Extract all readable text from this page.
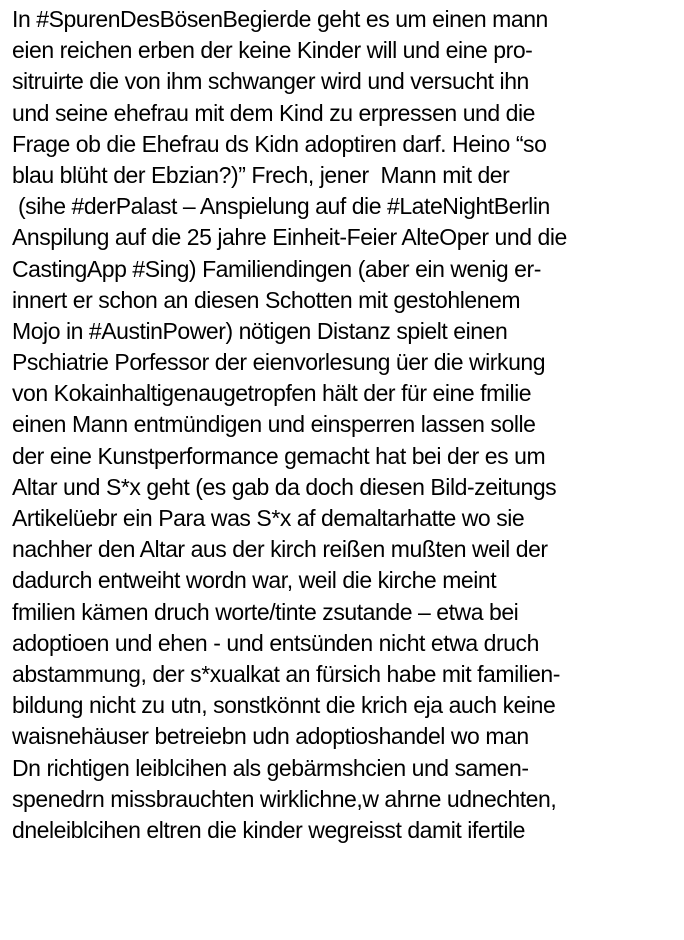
In #SpurenDesBösenBegierde geht es um einen mann
eien reichen erben der keine Kinder will und eine pro-
sitruirte die von ihm schwanger wird und versucht ihn
und seine ehefrau mit dem Kind zu erpressen und die
Frage ob die Ehefrau ds Kidn adoptiren darf. Heino “so
blau blüht der Ebzian?)” Frech, jener  Mann mit der
(sihe #derPalast – Anspielung auf die #LateNightBerlin
Anspilung auf die 25 jahre Einheit-Feier AlteOper und die
CastingApp #Sing) Familiendingen (aber ein wenig er-
innert er schon an diesen Schotten mit gestohlenem
Mojo in #AustinPower) nötigen Distanz spielt einen
Pschiatrie Porfessor der eienvorlesung üer die wirkung
von Kokainhaltigenaugetropfen hält der für eine fmilie
einen Mann entmündigen und einsperren lassen solle
der eine Kunstperformance gemacht hat bei der es um
Altar und S*x geht (es gab da doch diesen Bild-zeitungs
Artikelüebr ein Para was S*x af demaltarhatte wo sie
nachher den Altar aus der kirch reißen mußten weil der
dadurch entweiht wordn war, weil die kirche meint
fmilien kämen druch worte/tinte zsutande – etwa bei
adoptioen und ehen - und entsünden nicht etwa druch
abstammung, der s*xualkat an fürsich habe mit familien-
bildung nicht zu utn, sonstkönnt die krich eja auch keine
waisnehäuser betreiebn udn adoptioshandel wo man
Dn richtigen leiblcihen als gebärmshcien und samen-
spenedrn missbrauchten wirklichne,w ahrne udnechten,
dneleiblcihen eltren die kinder wegreisst damit ifertile
